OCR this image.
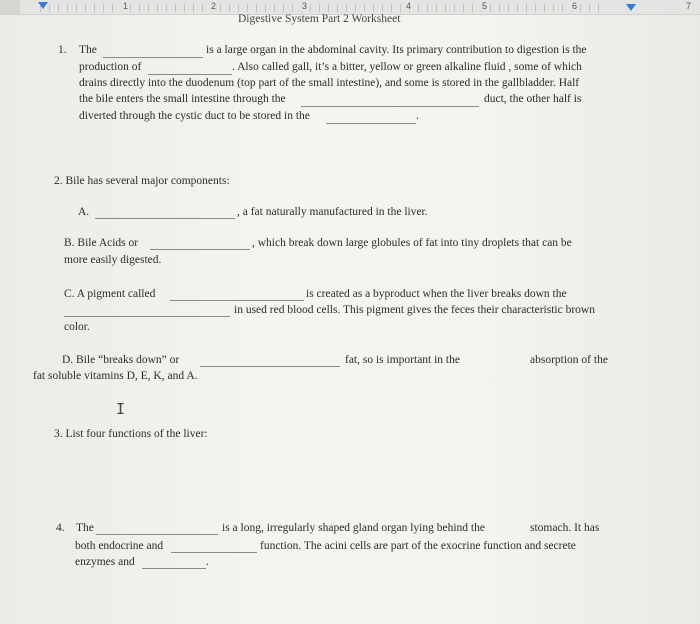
1	2	3	4	5	6	7
Digestive System Part 2 Worksheet
1. The	is a large organ in the abdominal cavity. Its primary contribution to digestion is the
production of	. Also called gall, it’s a bitter, yellow or green alkaline fluid , some of which
drains directly into the duodenum (top part of the small intestine), and some is stored in the gallbladder. Half
the bile enters the small intestine through the	duct, the other half is
diverted through the cystic duct to be stored in the	.
2. Bile has several major components:
A.	, a fat naturally manufactured in the liver.
B. Bile Acids or	, which break down large globules of fat into tiny droplets that can be
more easily digested.
C. A pigment called	is created as a byproduct when the liver breaks down the
in used red blood cells. This pigment gives the feces their characteristic brown
color.
D. Bile “breaks down” or	fat, so is important in the	absorption of the
fat soluble vitamins D, E, K, and A.
I
3. List four functions of the liver:
4. The	is a long, irregularly shaped gland organ lying behind the	stomach. It has
both endocrine and	function. The acini cells are part of the exocrine function and secrete
enzymes and	.
